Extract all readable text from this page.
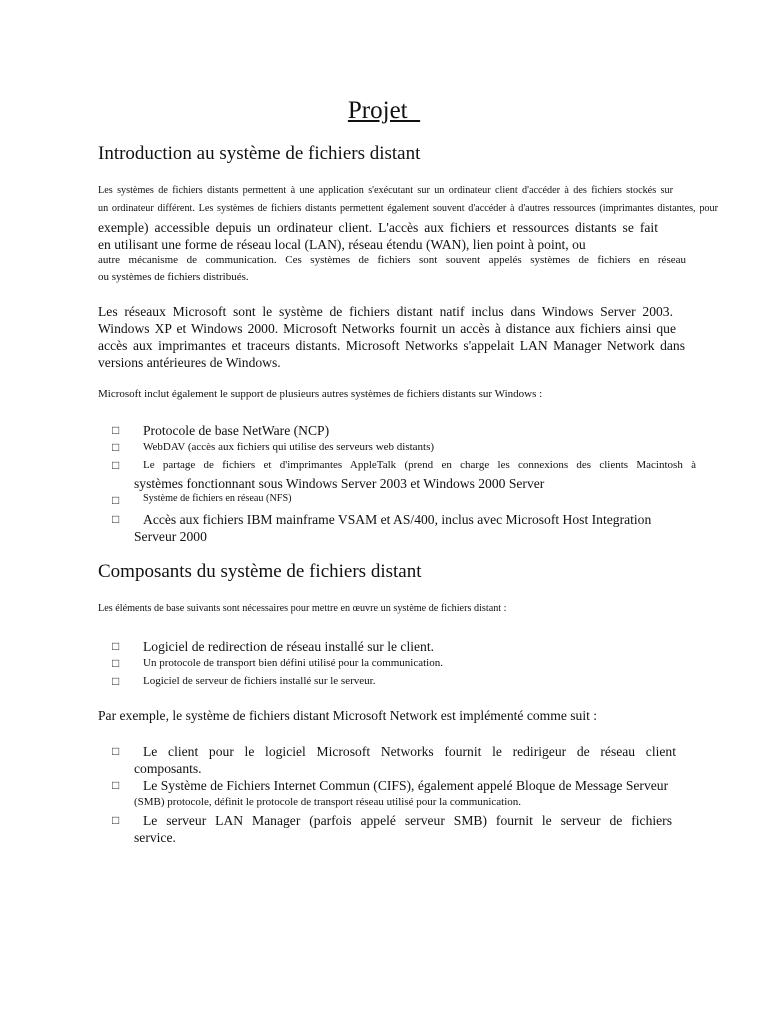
Projet
Introduction au système de fichiers distant
Les systèmes de fichiers distants permettent à une application s'exécutant sur un ordinateur client d'accéder à des fichiers stockés sur
un ordinateur différent. Les systèmes de fichiers distants permettent également souvent d'accéder à d'autres ressources (imprimantes distantes, pour
exemple) accessible depuis un ordinateur client. L'accès aux fichiers et ressources distants se fait
en utilisant une forme de réseau local (LAN), réseau étendu (WAN), lien point à point, ou
autre mécanisme de communication. Ces systèmes de fichiers sont souvent appelés systèmes de fichiers en réseau
ou systèmes de fichiers distribués.
Les réseaux Microsoft sont le système de fichiers distant natif inclus dans Windows Server 2003.
Windows XP et Windows 2000. Microsoft Networks fournit un accès à distance aux fichiers ainsi que
accès aux imprimantes et traceurs distants. Microsoft Networks s'appelait LAN Manager Network dans
versions antérieures de Windows.
Microsoft inclut également le support de plusieurs autres systèmes de fichiers distants sur Windows :
□ Protocole de base NetWare (NCP)
□ WebDAV (accès aux fichiers qui utilise des serveurs web distants)
□ Le partage de fichiers et d'imprimantes AppleTalk (prend en charge les connexions des clients Macintosh à
systèmes fonctionnant sous Windows Server 2003 et Windows 2000 Server
□ Système de fichiers en réseau (NFS)
□ Accès aux fichiers IBM mainframe VSAM et AS/400, inclus avec Microsoft Host Integration
Serveur 2000
Composants du système de fichiers distant
Les éléments de base suivants sont nécessaires pour mettre en œuvre un système de fichiers distant :
□ Logiciel de redirection de réseau installé sur le client.
□ Un protocole de transport bien défini utilisé pour la communication.
□ Logiciel de serveur de fichiers installé sur le serveur.
Par exemple, le système de fichiers distant Microsoft Network est implémenté comme suit :
□ Le client pour le logiciel Microsoft Networks fournit le redirigeur de réseau client
composants.
□ Le Système de Fichiers Internet Commun (CIFS), également appelé Bloque de Message Serveur
(SMB) protocole, définit le protocole de transport réseau utilisé pour la communication.
□ Le serveur LAN Manager (parfois appelé serveur SMB) fournit le serveur de fichiers
service.
